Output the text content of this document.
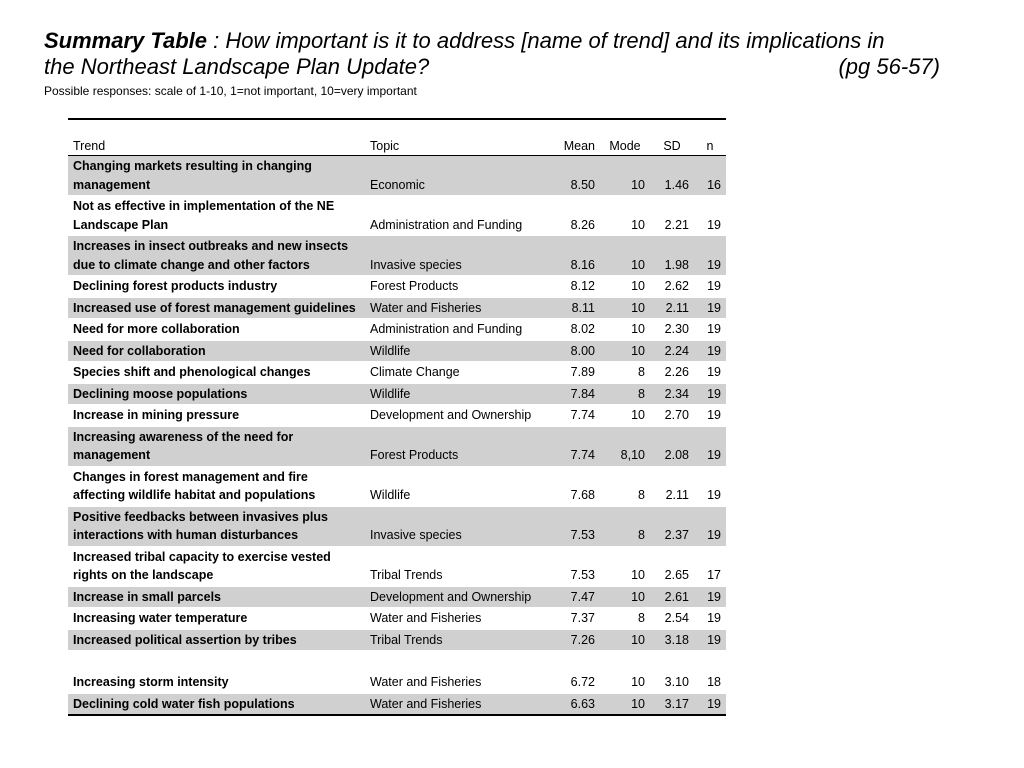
Summary Table : How important is it to address [name of trend] and its implications in
the Northeast Landscape Plan Update?	(pg 56-57)
Possible responses: scale of 1-10, 1=not important, 10=very important
Trend	Topic	Mean	Mode	SD	n
Changing markets resulting in changing management	Economic	8.50	10	1.46	16
Not as effective in implementation of the NE Landscape Plan	Administration and Funding	8.26	10	2.21	19
Increases in insect outbreaks and new insects due to climate change and other factors	Invasive species	8.16	10	1.98	19
Declining forest products industry	Forest Products	8.12	10	2.62	19
Increased use of forest management guidelines	Water and Fisheries	8.11	10	2.11	19
Need for more collaboration	Administration and Funding	8.02	10	2.30	19
Need for collaboration	Wildlife	8.00	10	2.24	19
Species shift and phenological changes	Climate Change	7.89	8	2.26	19
Declining moose populations	Wildlife	7.84	8	2.34	19
Increase in mining pressure	Development and Ownership	7.74	10	2.70	19
Increasing awareness of the need for management	Forest Products	7.74	8,10	2.08	19
Changes in forest management and fire affecting wildlife habitat and populations	Wildlife	7.68	8	2.11	19
Positive feedbacks between invasives plus interactions with human disturbances	Invasive species	7.53	8	2.37	19
Increased tribal capacity to exercise vested rights on the landscape	Tribal Trends	7.53	10	2.65	17
Increase in small parcels	Development and Ownership	7.47	10	2.61	19
Increasing water temperature	Water and Fisheries	7.37	8	2.54	19
Increased political assertion by tribes	Tribal Trends	7.26	10	3.18	19

Increasing storm intensity	Water and Fisheries	6.72	10	3.10	18
Declining cold water fish populations	Water and Fisheries	6.63	10	3.17	19
